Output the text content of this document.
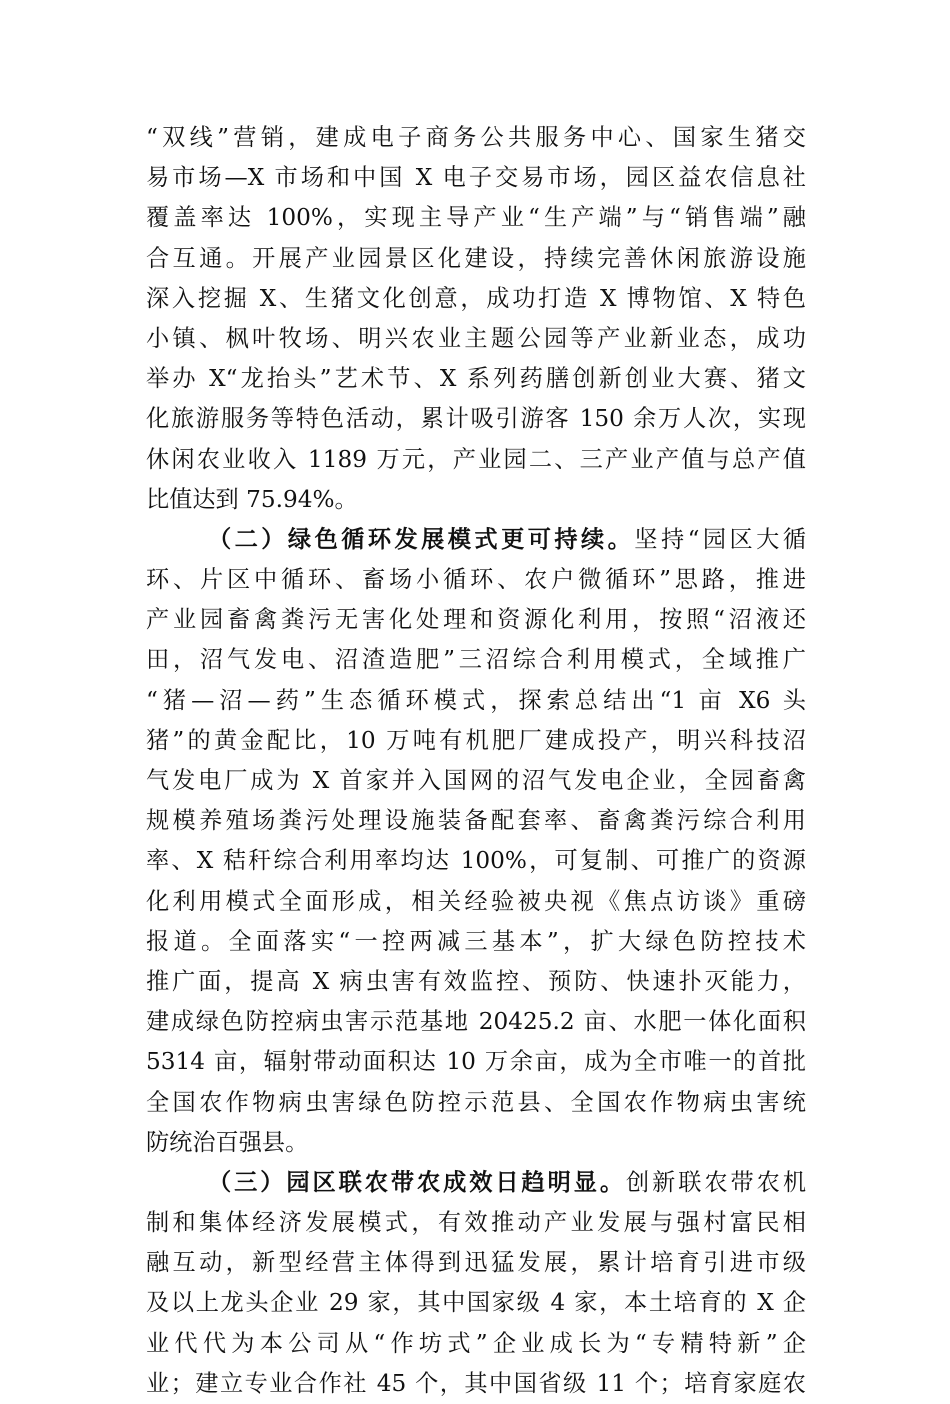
“双线”营销，建成电子商务公共服务中心、国家生猪交
易市场—X 市场和中国 X 电子交易市场，园区益农信息社
覆盖率达 100%，实现主导产业“生产端”与“销售端”融
合互通。开展产业园景区化建设，持续完善休闲旅游设施
深入挖掘 X、生猪文化创意，成功打造 X 博物馆、X 特色
小镇、枫叶牧场、明兴农业主题公园等产业新业态，成功
举办 X“龙抬头”艺术节、X 系列药膳创新创业大赛、猪文
化旅游服务等特色活动，累计吸引游客 150 余万人次，实现
休闲农业收入 1189 万元，产业园二、三产业产值与总产值
比值达到 75.94%。
（二）绿色循环发展模式更可持续。坚持“园区大循
环、片区中循环、畜场小循环、农户微循环”思路，推进
产业园畜禽粪污无害化处理和资源化利用，按照“沼液还
田，沼气发电、沼渣造肥”三沼综合利用模式，全域推广
“猪—沼—药”生态循环模式，探索总结出“1 亩 X6 头
猪”的黄金配比，10 万吨有机肥厂建成投产，明兴科技沼
气发电厂成为 X 首家并入国网的沼气发电企业，全园畜禽
规模养殖场粪污处理设施装备配套率、畜禽粪污综合利用
率、X 秸秆综合利用率均达 100%，可复制、可推广的资源
化利用模式全面形成，相关经验被央视《焦点访谈》重磅
报道。全面落实“一控两减三基本”，扩大绿色防控技术
推广面，提高 X 病虫害有效监控、预防、快速扑灭能力，
建成绿色防控病虫害示范基地 20425.2 亩、水肥一体化面积
5314 亩，辐射带动面积达 10 万余亩，成为全市唯一的首批
全国农作物病虫害绿色防控示范县、全国农作物病虫害统
防统治百强县。
（三）园区联农带农成效日趋明显。创新联农带农机
制和集体经济发展模式，有效推动产业发展与强村富民相
融互动，新型经营主体得到迅猛发展，累计培育引进市级
及以上龙头企业 29 家，其中国家级 4 家，本土培育的 X 企
业代代为本公司从“作坊式”企业成长为“专精特新”企
业；建立专业合作社 45 个，其中国省级 11 个；培育家庭农
